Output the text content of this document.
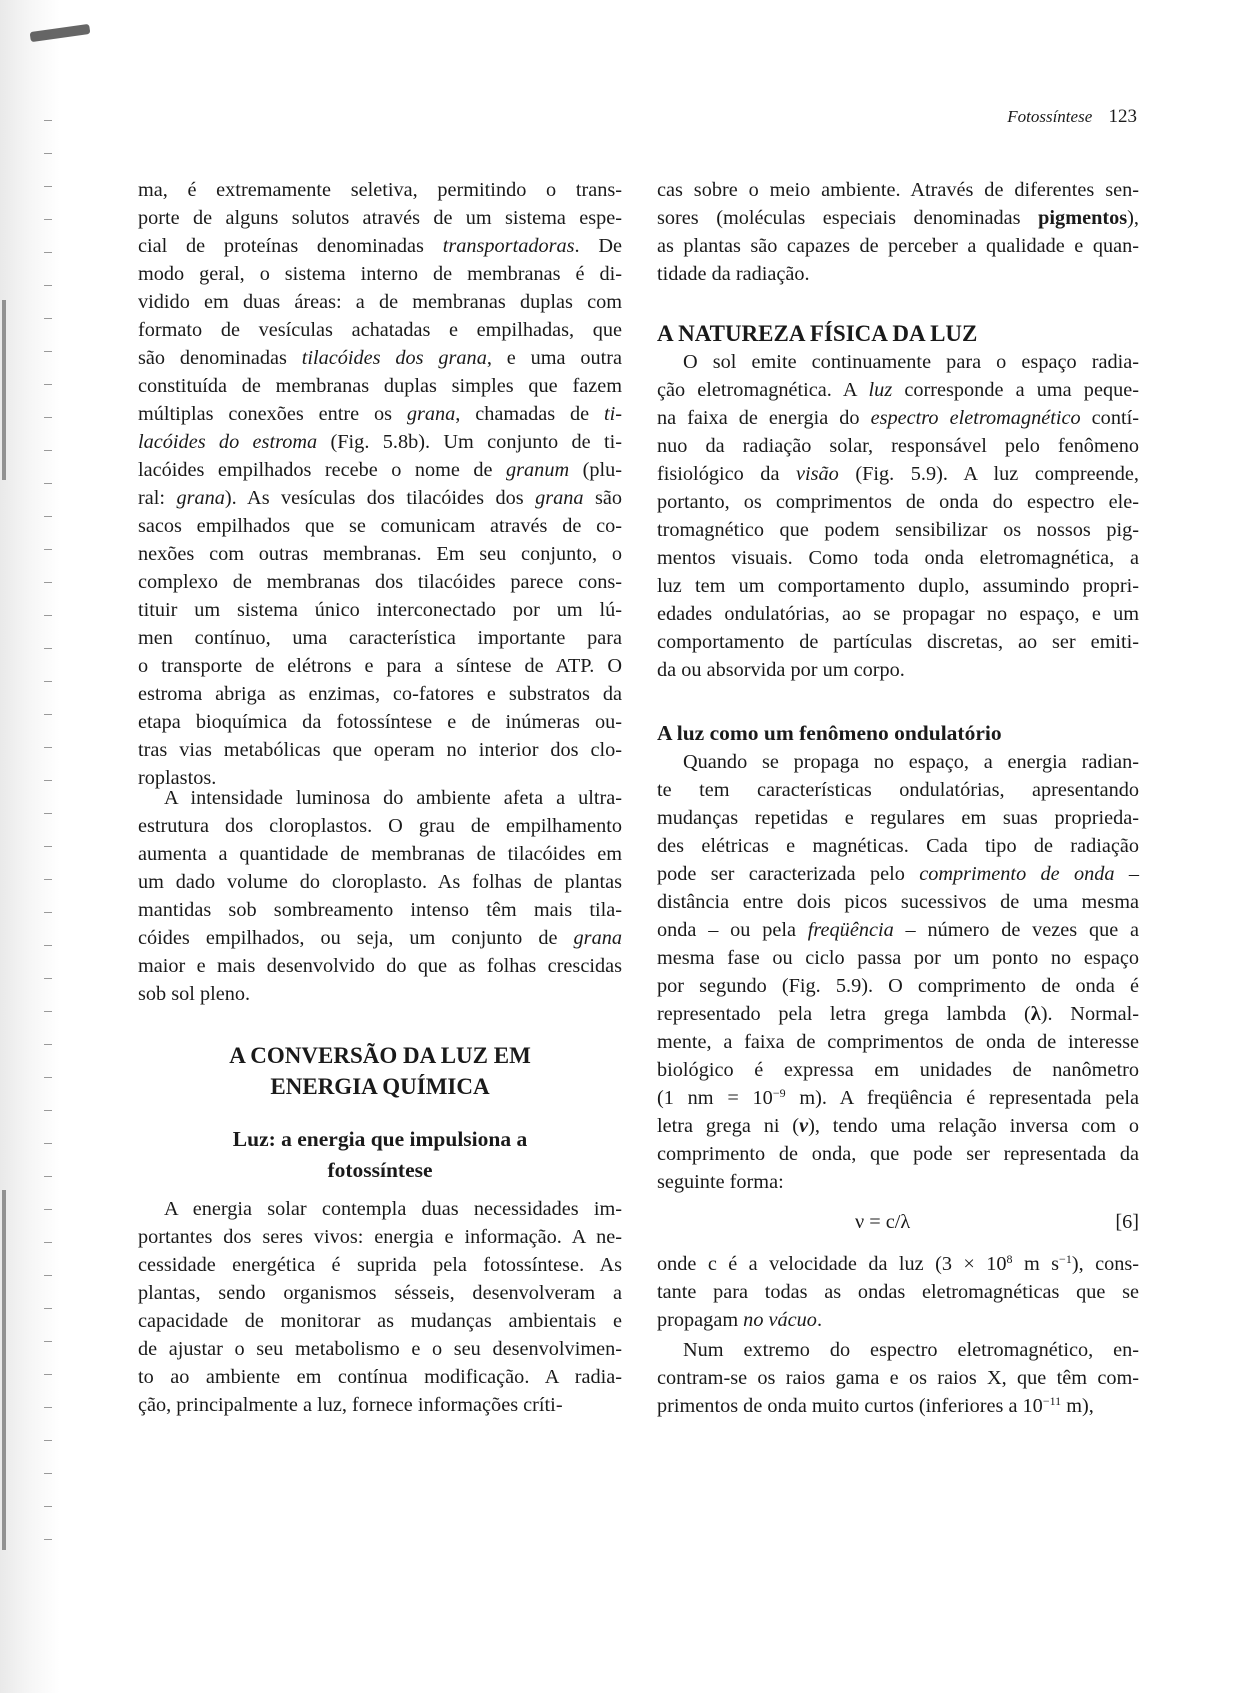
Fotossíntese 123
ma, é extremamente seletiva, permitindo o trans-
porte de alguns solutos através de um sistema espe-
cial de proteínas denominadas transportadoras. De
modo geral, o sistema interno de membranas é di-
vidido em duas áreas: a de membranas duplas com
formato de vesículas achatadas e empilhadas, que
são denominadas tilacóides dos grana, e uma outra
constituída de membranas duplas simples que fazem
múltiplas conexões entre os grana, chamadas de ti-
lacóides do estroma (Fig. 5.8b). Um conjunto de ti-
lacóides empilhados recebe o nome de granum (plu-
ral: grana). As vesículas dos tilacóides dos grana são
sacos empilhados que se comunicam através de co-
nexões com outras membranas. Em seu conjunto, o
complexo de membranas dos tilacóides parece cons-
tituir um sistema único interconectado por um lú-
men contínuo, uma característica importante para
o transporte de elétrons e para a síntese de ATP. O
estroma abriga as enzimas, co-fatores e substratos da
etapa bioquímica da fotossíntese e de inúmeras ou-
tras vias metabólicas que operam no interior dos clo-
roplastos.
A intensidade luminosa do ambiente afeta a ultra-
estrutura dos cloroplastos. O grau de empilhamento
aumenta a quantidade de membranas de tilacóides em
um dado volume do cloroplasto. As folhas de plantas
mantidas sob sombreamento intenso têm mais tila-
cóides empilhados, ou seja, um conjunto de grana
maior e mais desenvolvido do que as folhas crescidas
sob sol pleno.
A CONVERSÃO DA LUZ EM
ENERGIA QUÍMICA
Luz: a energia que impulsiona a
fotossíntese
A energia solar contempla duas necessidades im-
portantes dos seres vivos: energia e informação. A ne-
cessidade energética é suprida pela fotossíntese. As
plantas, sendo organismos sésseis, desenvolveram a
capacidade de monitorar as mudanças ambientais e
de ajustar o seu metabolismo e o seu desenvolvimen-
to ao ambiente em contínua modificação. A radia-
ção, principalmente a luz, fornece informações críti-
cas sobre o meio ambiente. Através de diferentes sen-
sores (moléculas especiais denominadas pigmentos),
as plantas são capazes de perceber a qualidade e quan-
tidade da radiação.
A NATUREZA FÍSICA DA LUZ
O sol emite continuamente para o espaço radia-
ção eletromagnética. A luz corresponde a uma peque-
na faixa de energia do espectro eletromagnético contí-
nuo da radiação solar, responsável pelo fenômeno
fisiológico da visão (Fig. 5.9). A luz compreende,
portanto, os comprimentos de onda do espectro ele-
tromagnético que podem sensibilizar os nossos pig-
mentos visuais. Como toda onda eletromagnética, a
luz tem um comportamento duplo, assumindo propri-
edades ondulatórias, ao se propagar no espaço, e um
comportamento de partículas discretas, ao ser emiti-
da ou absorvida por um corpo.
A luz como um fenômeno ondulatório
Quando se propaga no espaço, a energia radian-
te tem características ondulatórias, apresentando
mudanças repetidas e regulares em suas proprieda-
des elétricas e magnéticas. Cada tipo de radiação
pode ser caracterizada pelo comprimento de onda –
distância entre dois picos sucessivos de uma mesma
onda – ou pela freqüência – número de vezes que a
mesma fase ou ciclo passa por um ponto no espaço
por segundo (Fig. 5.9). O comprimento de onda é
representado pela letra grega lambda (λ). Normal-
mente, a faixa de comprimentos de onda de interesse
biológico é expressa em unidades de nanômetro
(1 nm = $10^{-9}$ m). A freqüência é representada pela
letra grega ni (ν), tendo uma relação inversa com o
comprimento de onda, que pode ser representada da
seguinte forma:
ν = c/λ	[6]
onde c é a velocidade da luz ($3 \times 10^8$ m $s^{-1}$), cons-
tante para todas as ondas eletromagnéticas que se
propagam no vácuo.
Num extremo do espectro eletromagnético, en-
contram-se os raios gama e os raios X, que têm com-
primentos de onda muito curtos (inferiores a $10^{-11}$ m),
